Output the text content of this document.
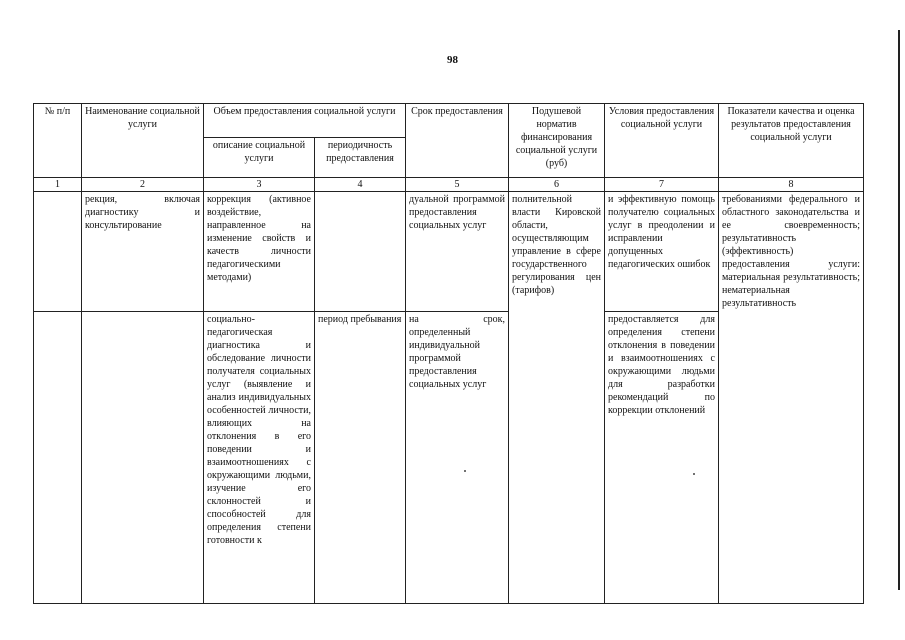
98
№ п/п	Наименование социальной услуги	Объем предоставления социальной услуги		Срок предоставления	Подушевой норматив финансирования социальной услуги (руб)	Условия предоставления социальной услуги	Показатели качества и оценка результатов предоставления социальной услуги
		описание социальной услуги	периодичность предоставления				
1	2	3	4	5	6	7	8
	рекция, включая диагностику и консультирование	коррекция (активное воздействие, направленное на изменение свойств и качеств личности педагогическими методами)		дуальной программой предоставления социальных услуг	полнительной власти Кировской области, осуществляющим управление в сфере государственного регулирования цен (тарифов)	и эффективную помощь получателю социальных услуг в преодолении и исправлении допущенных педагогических ошибок	требованиями федерального и областного законодательства и ее своевременность; результативность (эффективность) предоставления услуги: материальная результативность; нематериальная результативность
		социально-педагогическая диагностика и обследование личности получателя социальных услуг (выявление и анализ индивидуальных особенностей личности, влияющих на отклонения в его поведении и взаимоотношениях с окружающими людьми, изучение его склонностей и способностей для определения степени готовности к	период пребывания	на срок, определенный индивидуальной программой предоставления социальных услуг		предоставляется для определения степени отклонения в поведении и взаимоотношениях с окружающими людьми для разработки рекомендаций по коррекции отклонений	
